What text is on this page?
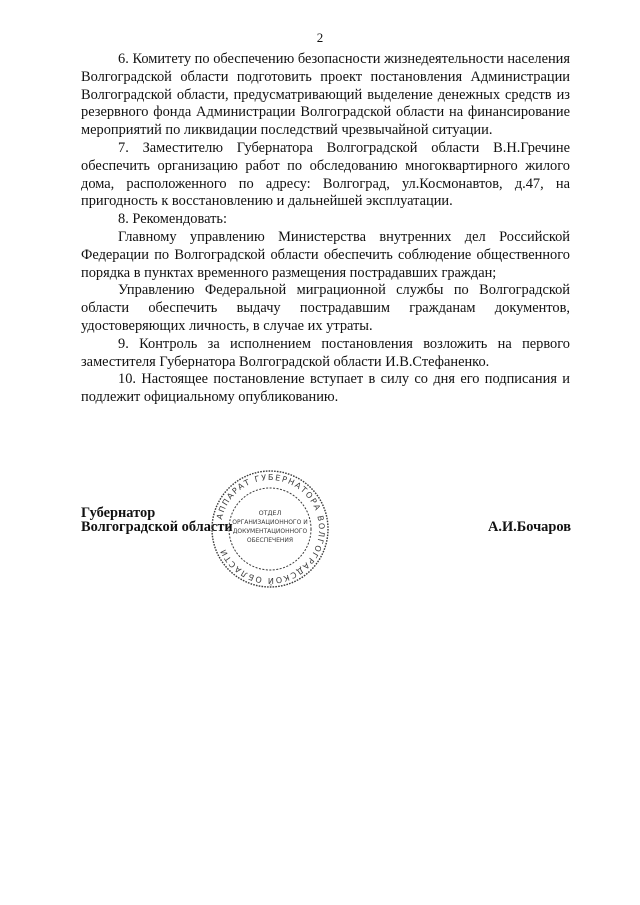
2

6. Комитету по обеспечению безопасности жизнедеятельности населения Волгоградской области подготовить проект постановления Администрации Волгоградской области, предусматривающий выделение денежных средств из резервного фонда Администрации Волгоградской области на финансирование мероприятий по ликвидации последствий чрезвычайной ситуации.

7. Заместителю Губернатора Волгоградской области В.Н.Гречине обеспечить организацию работ по обследованию многоквартирного жилого дома, расположенного по адресу: Волгоград, ул.Космонавтов, д.47, на пригодность к восстановлению и дальнейшей эксплуатации.

8. Рекомендовать:

Главному управлению Министерства внутренних дел Российской Федерации по Волгоградской области обеспечить соблюдение общественного порядка в пунктах временного размещения пострадавших граждан;

Управлению Федеральной миграционной службы по Волгоградской области обеспечить выдачу пострадавшим гражданам документов, удостоверяющих личность, в случае их утраты.

9. Контроль за исполнением постановления возложить на первого заместителя Губернатора Волгоградской области И.В.Стефаненко.

10. Настоящее постановление вступает в силу со дня его подписания и подлежит официальному опубликованию.

Губернатор
Волгоградской области	А.И.Бочаров
АППАРАТ ГУБЕРНАТОРА ВОЛГОГРАДСКОЙ ОБЛАСТИ
ОТДЕЛ
ОРГАНИЗАЦИОННОГО И
ДОКУМЕНТАЦИОННОГО
ОБЕСПЕЧЕНИЯ
